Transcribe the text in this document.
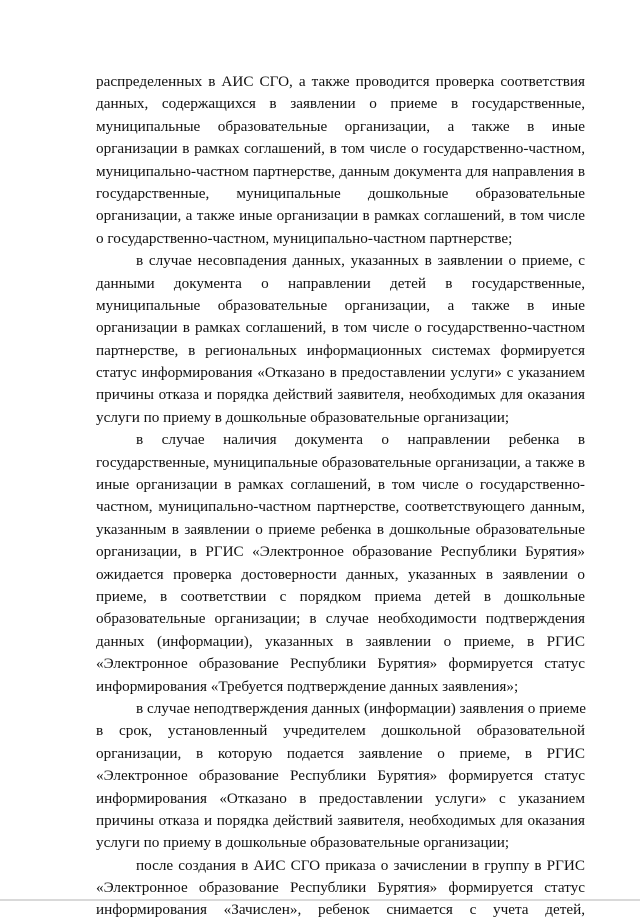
распределенных в АИС СГО, а также проводится проверка соответствия
данных, содержащихся в заявлении о приеме в государственные,
муниципальные образовательные организации, а также в иные
организации в рамках соглашений, в том числе о государственно-частном,
муниципально-частном партнерстве, данным документа для направления в
государственные, муниципальные дошкольные образовательные
организации, а также иные организации в рамках соглашений, в том числе
о государственно-частном, муниципально-частном партнерстве;
в случае несовпадения данных, указанных в заявлении о приеме, с
данными документа о направлении детей в государственные,
муниципальные образовательные организации, а также в иные
организации в рамках соглашений, в том числе о государственно-частном
партнерстве, в региональных информационных системах формируется
статус информирования «Отказано в предоставлении услуги» с указанием
причины отказа и порядка действий заявителя, необходимых для оказания
услуги по приему в дошкольные образовательные организации;
в случае наличия документа о направлении ребенка в
государственные, муниципальные образовательные организации, а также в
иные организации в рамках соглашений, в том числе о государственно-
частном, муниципально-частном партнерстве, соответствующего данным,
указанным в заявлении о приеме ребенка в дошкольные образовательные
организации, в РГИС «Электронное образование Республики Бурятия»
ожидается проверка достоверности данных, указанных в заявлении о
приеме, в соответствии с порядком приема детей в дошкольные
образовательные организации; в случае необходимости подтверждения
данных (информации), указанных в заявлении о приеме, в РГИС
«Электронное образование Республики Бурятия» формируется статус
информирования «Требуется подтверждение данных заявления»;
в случае неподтверждения данных (информации) заявления о приеме
в срок, установленный учредителем дошкольной образовательной
организации, в которую подается заявление о приеме, в РГИС
«Электронное образование Республики Бурятия» формируется статус
информирования «Отказано в предоставлении услуги» с указанием
причины отказа и порядка действий заявителя, необходимых для оказания
услуги по приему в дошкольные образовательные организации;
после создания в АИС СГО приказа о зачислении в группу в РГИС
«Электронное образование Республики Бурятия» формируется статус
информирования «Зачислен», ребенок снимается с учета детей,
